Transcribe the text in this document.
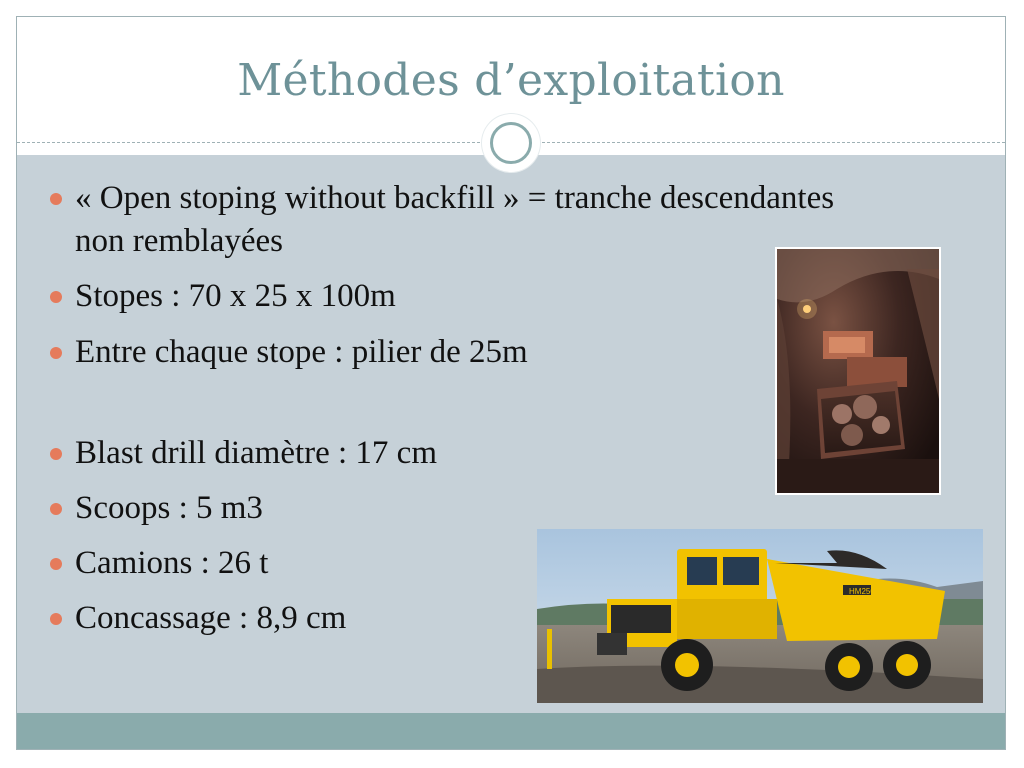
Méthodes d’exploitation
« Open stoping without backfill » = tranche descendantes non remblayées
Stopes : 70 x 25 x 100m
Entre chaque stope : pilier de 25m
Blast drill diamètre : 17 cm
Scoops : 5 m3
Camions : 26 t
Concassage : 8,9 cm
HM250
